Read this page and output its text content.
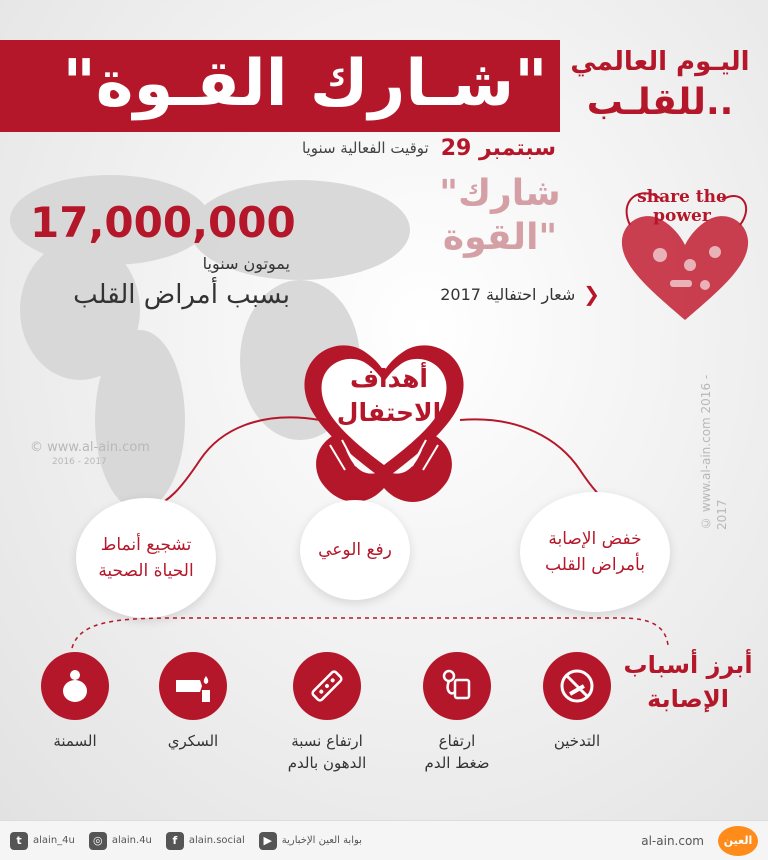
"شـارك القـوة" اليـوم العالمي
للقلـب..
توقيت الفعالية سنويا 29 سبتمبر
17,000,000
يموتون سنويا
بسبب أمراض القلب
"شارك
القوة"
شعار احتفالية 2017 ❯
share the
power
أهداف
الاحتفال
تشجيع أنماط
الحياة الصحية
رفع الوعي
خفض الإصابة
بأمراض القلب
© www.al-ain.com
2016 - 2017	© www.al-ain.com 2016 - 2017
أبرز أسباب
الإصابة
التدخين
ارتفاع
ضغط الدم
ارتفاع نسبة
الدهون بالدم
السكري
السمنة
t	alain_4u	◎ alain.4u	f	alain.social	▶ بوابة العين الإخبارية	al-ain.com	العين
